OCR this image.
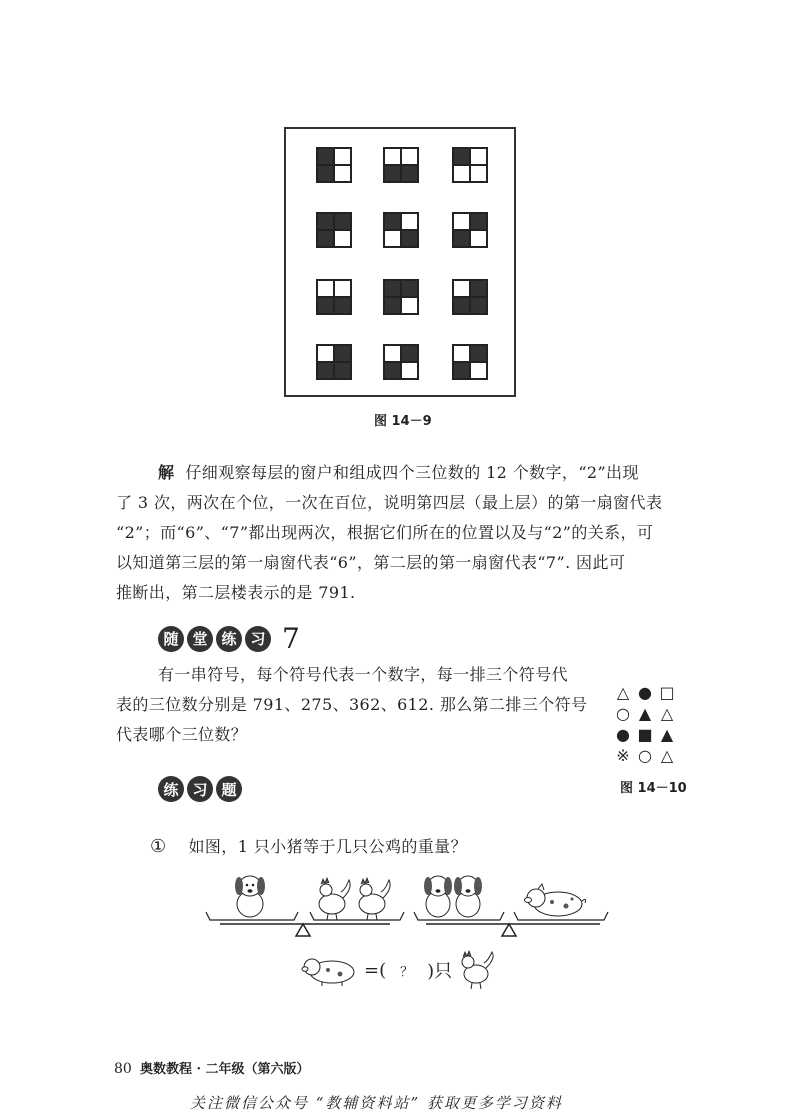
图 14－9
解 仔细观察每层的窗户和组成四个三位数的 12 个数字，“2”出现
了 3 次，两次在个位，一次在百位，说明第四层（最上层）的第一扇窗代表
“2”；而“6”、“7”都出现两次，根据它们所在的位置以及与“2”的关系，可
以知道第三层的第一扇窗代表“6”，第二层的第一扇窗代表“7”. 因此可
推断出，第二层楼表示的是 791.
随 堂 练 习 7
有一串符号，每个符号代表一个数字，每一排三个符号代
表的三位数分别是 791、275、362、612. 那么第二排三个符号
代表哪个三位数？
△ ● □
○ ▲ △
● ■ ▲
※ ○ △
图 14－10
练 习 题
① 如图，1 只小猪等于几只公鸡的重量？
=(	？ )只
80 奥数教程 · 二年级（第六版）
关注微信公众号 “教辅资料站” 获取更多学习资料
